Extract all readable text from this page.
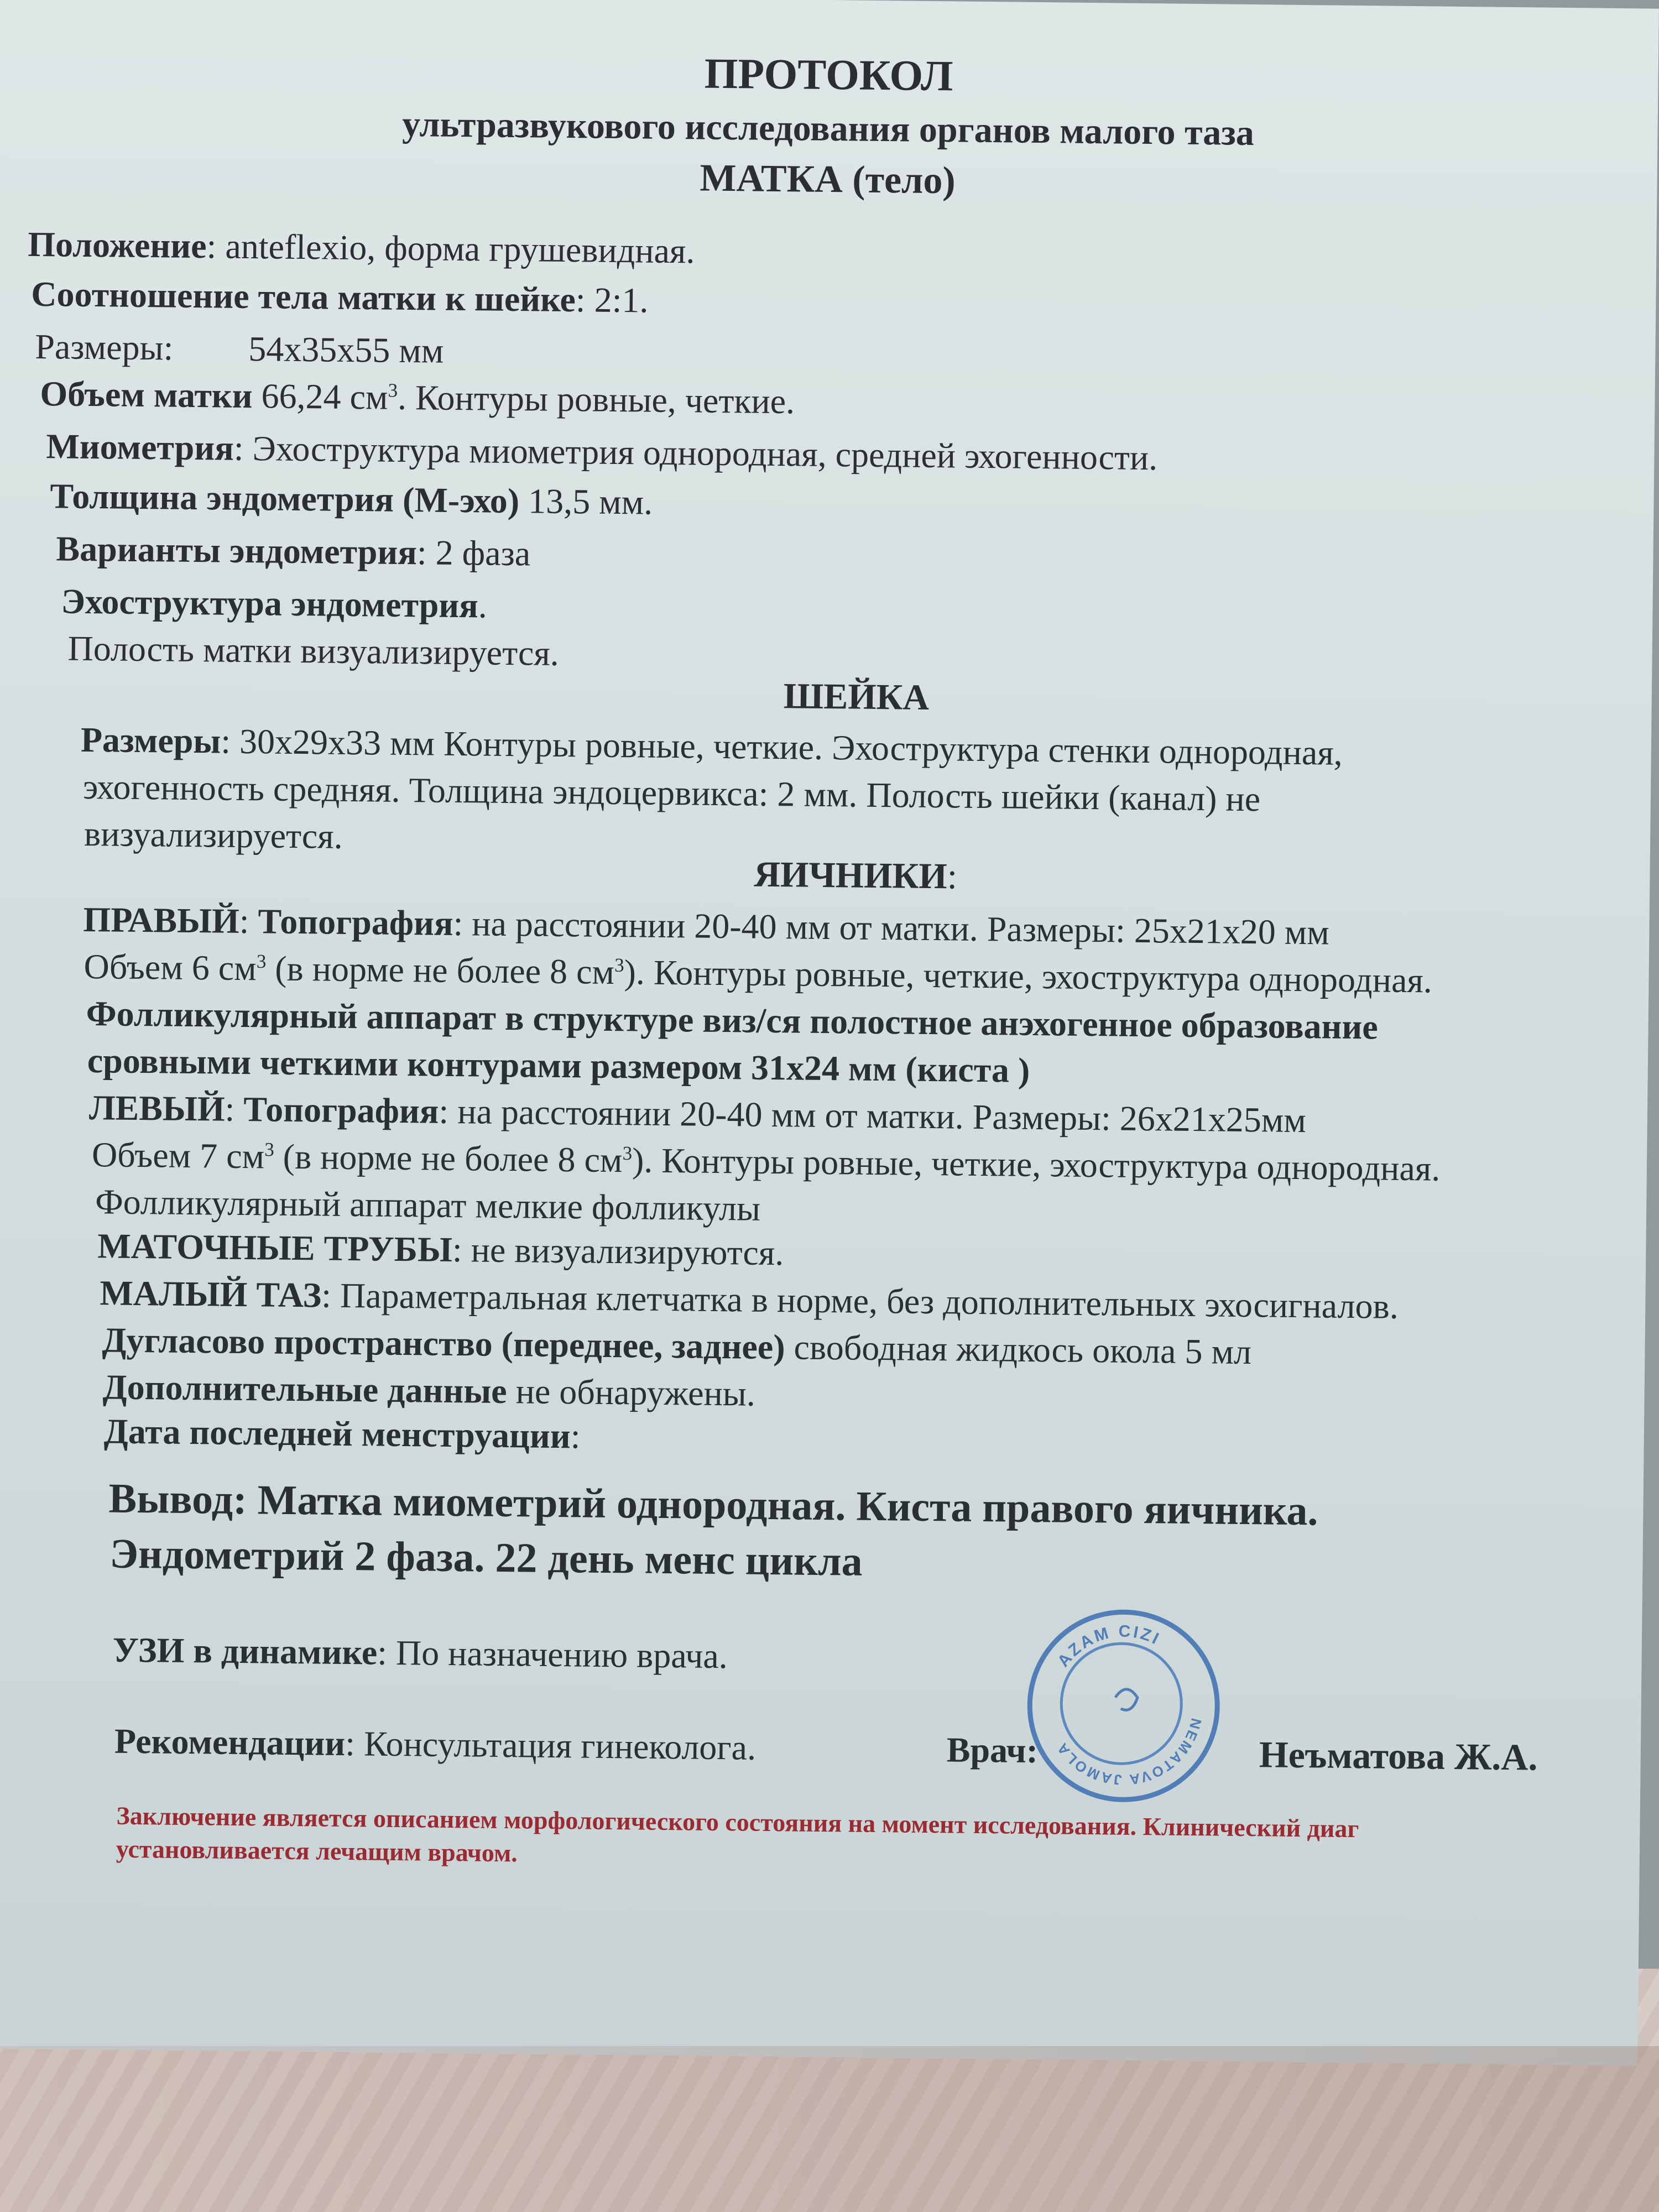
ПРОТОКОЛ
ультразвукового исследования органов малого таза
МАТКА (тело)
Положение: anteflexio, форма грушевидная.
Соотношение тела матки к шейке: 2:1.
Размеры: 54x35x55 мм
Объем матки 66,24 $см^3$. Контуры ровные, четкие.
Миометрия: Эхоструктура миометрия однородная, средней эхогенности.
Толщина эндометрия (М-эхо) 13,5 мм.
Варианты эндометрия: 2 фаза
Эхоструктура эндометрия.
Полость матки визуализируется.
ШЕЙКА
Размеры: 30x29x33 мм Контуры ровные, четкие. Эхоструктура стенки однородная,
эхогенность средняя. Толщина эндоцервикса: 2 мм. Полость шейки (канал) не
визуализируется.
ЯИЧНИКИ:
ПРАВЫЙ: Топография: на расстоянии 20-40 мм от матки. Размеры: 25x21x20 мм
Объем 6 $см^3$ (в норме не более 8 $см^3$). Контуры ровные, четкие, эхоструктура однородная.
Фолликулярный аппарат в структуре виз/ся полостное анэхогенное образование
сровными четкими контурами размером 31x24 мм (киста )
ЛЕВЫЙ: Топография: на расстоянии 20-40 мм от матки. Размеры: 26x21x25мм
Объем 7 $см^3$ (в норме не более 8 $см^3$). Контуры ровные, четкие, эхоструктура однородная.
Фолликулярный аппарат мелкие фолликулы
МАТОЧНЫЕ ТРУБЫ: не визуализируются.
МАЛЫЙ ТАЗ: Параметральная клетчатка в норме, без дополнительных эхосигналов.
Дугласово пространство (переднее, заднее) свободная жидкось окола 5 мл
Дополнительные данные не обнаружены.
Дата последней менструации:
Вывод: Матка миометрий однородная. Киста правого яичника.
Эндометрий 2 фаза. 22 день менс цикла
УЗИ в динамике: По назначению врача.
Рекомендации: Консультация гинеколога.	Врач:	Неъматова Ж.А.
AZAM CIZI
NEMATOVA JAMOLA
Заключение является описанием морфологического состояния на момент исследования. Клинический диаг
установливается лечащим врачом.
